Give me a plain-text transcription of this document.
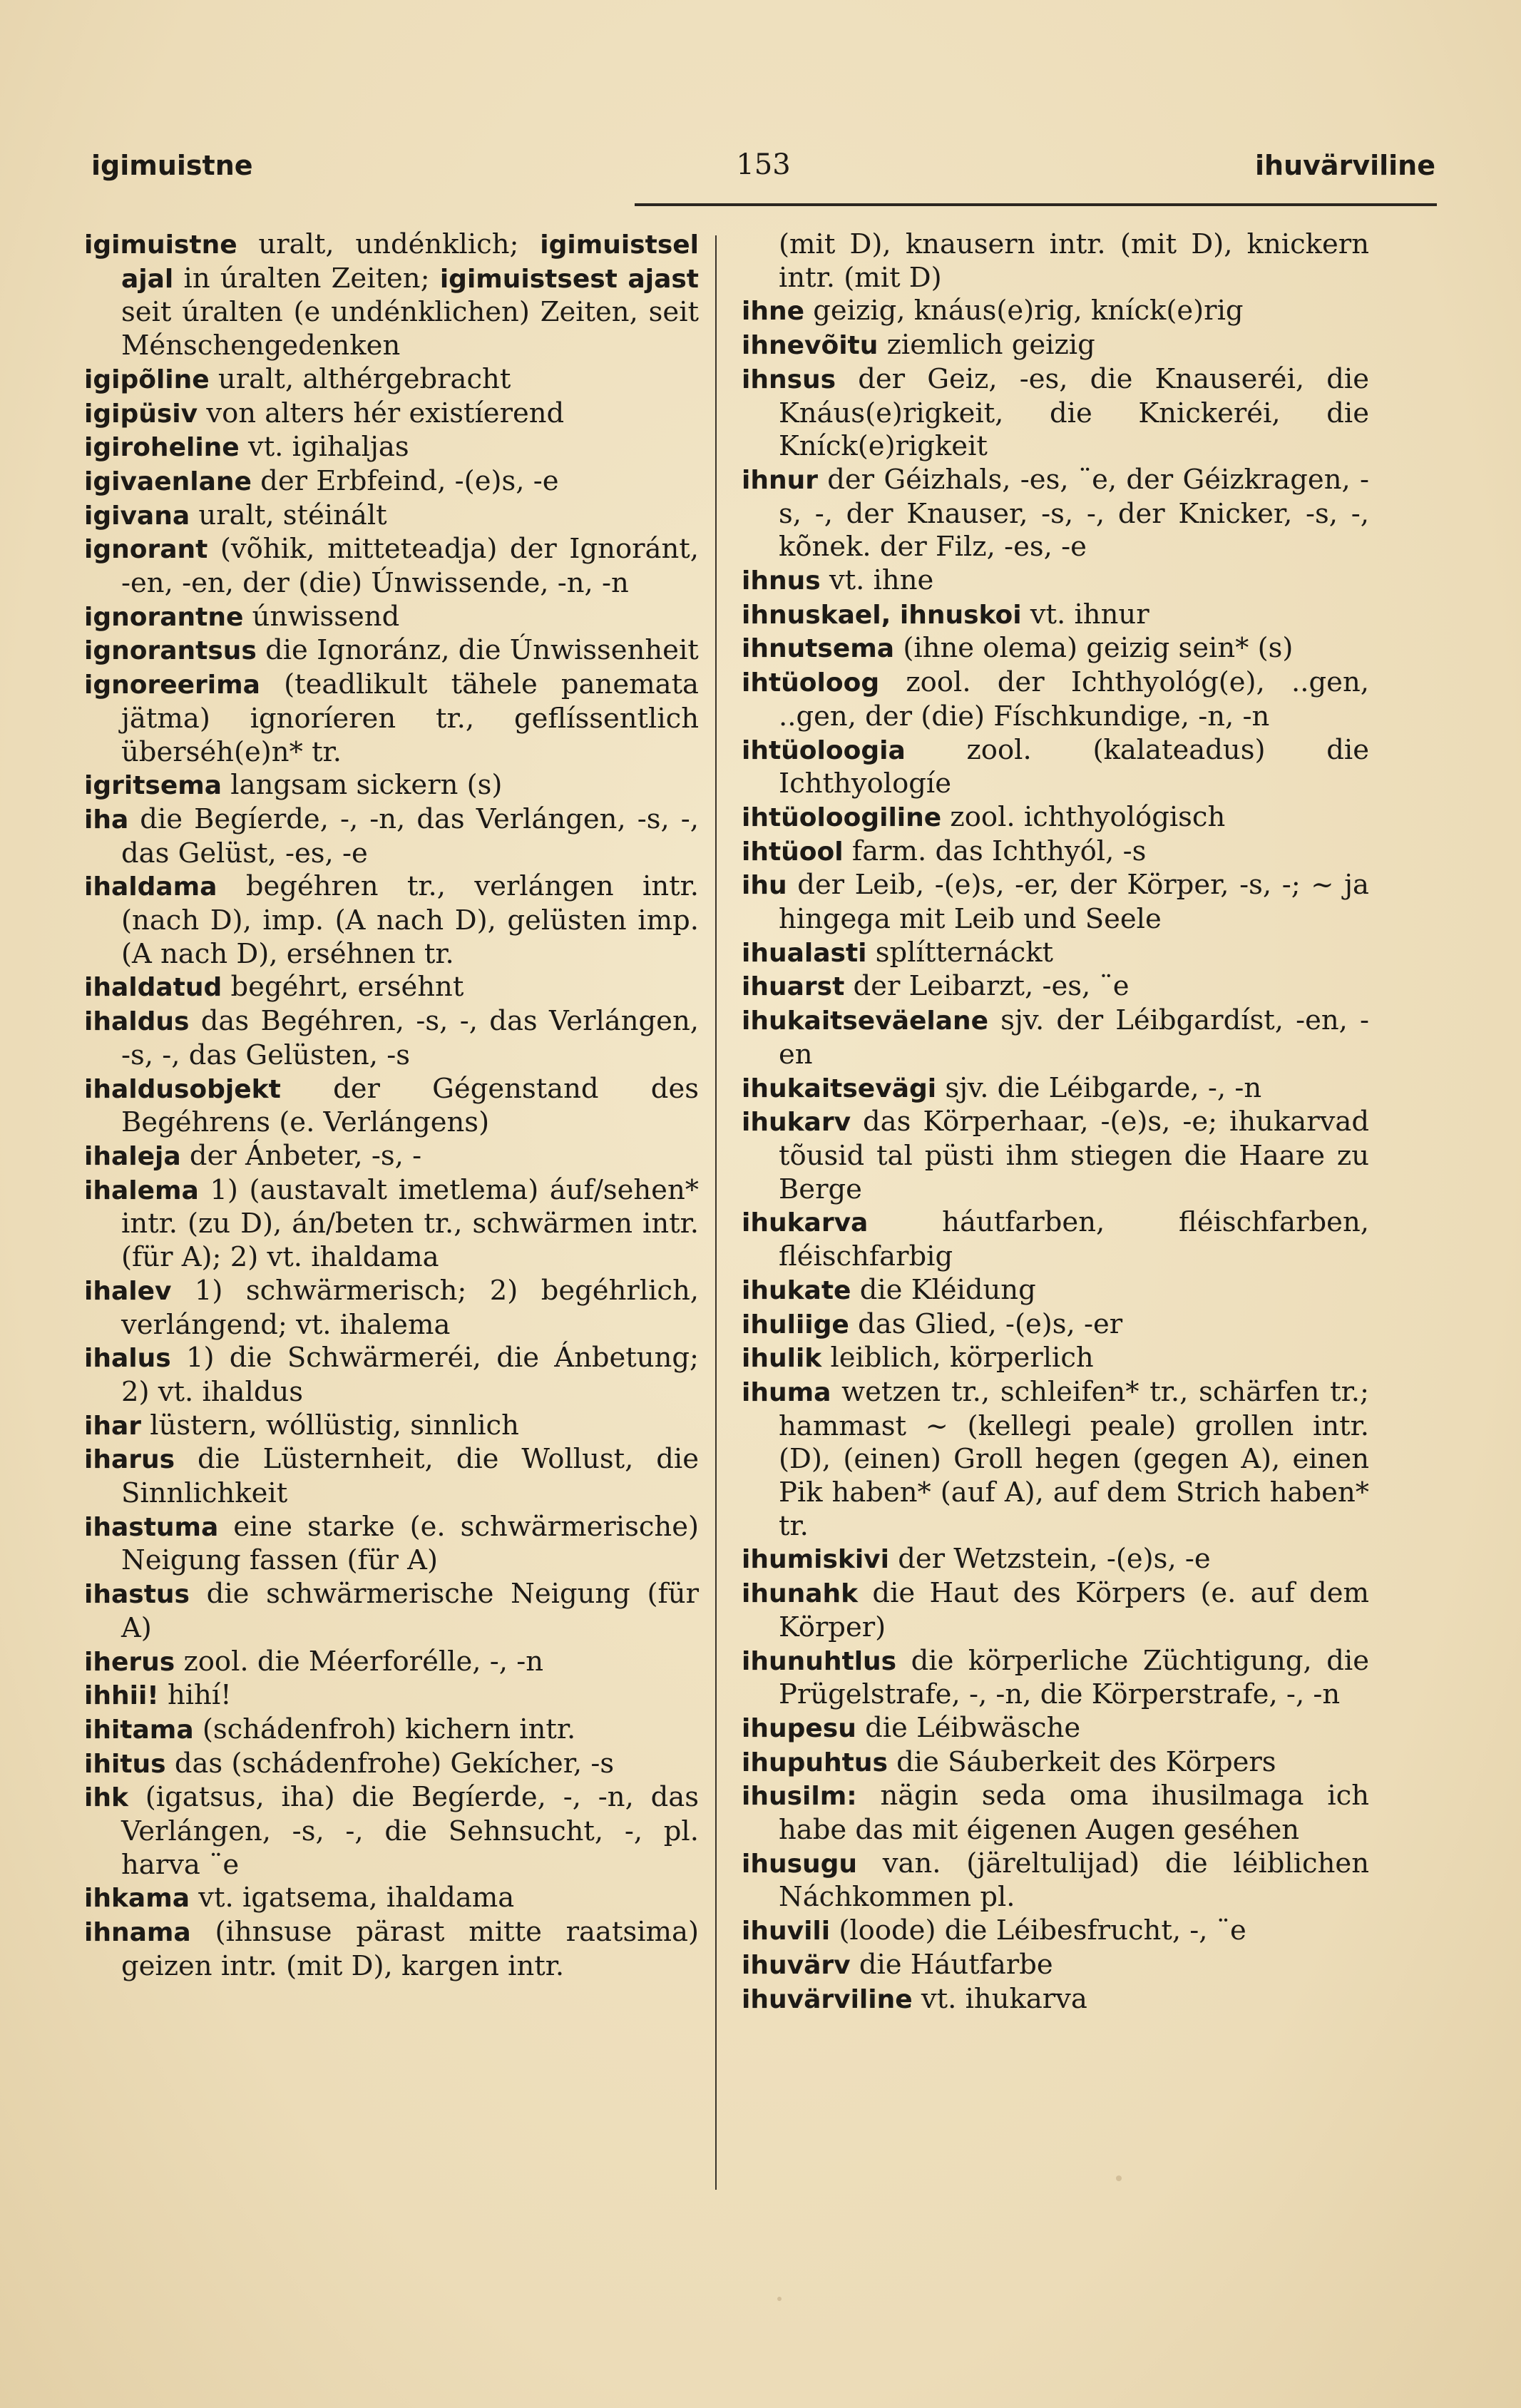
igimuistne	153	ihuvärviline

igimuistne uralt, undénklich; igimuistsel ajal in úralten Zeiten; igimuistsest ajast seit úralten (e undénklichen) Zeiten, seit Ménschengedenken

igipõline uralt, althérgebracht

igipüsiv von alters hér existíerend

igiroheline vt. igihaljas

igivaenlane der Erbfeind, -(e)s, -e

igivana uralt, stéinált

ignorant (võhik, mitteteadja) der Ignoránt, -en, -en, der (die) Únwissende, -n, -n

ignorantne únwissend

ignorantsus die Ignoránz, die Únwissenheit

ignoreerima (teadlikult tähele panemata jätma) ignoríeren tr., geflíssentlich überséh(e)n* tr.

igritsema langsam sickern (s)

iha die Begíerde, -, -n, das Verlángen, -s, -, das Gelüst, -es, -e

ihaldama begéhren tr., verlángen intr. (nach D), imp. (A nach D), gelüsten imp. (A nach D), erséhnen tr.

ihaldatud begéhrt, erséhnt

ihaldus das Begéhren, -s, -, das Verlángen, -s, -, das Gelüsten, -s

ihaldusobjekt der Gégenstand des Begéhrens (e. Verlángens)

ihaleja der Ánbeter, -s, -

ihalema 1) (austavalt imetlema) áuf/sehen* intr. (zu D), án/beten tr., schwärmen intr. (für A); 2) vt. ihaldama

ihalev 1) schwärmerisch; 2) begéhrlich, verlángend; vt. ihalema

ihalus 1) die Schwärmeréi, die Ánbetung; 2) vt. ihaldus

ihar lüstern, wóllüstig, sinnlich

iharus die Lüsternheit, die Wollust, die Sinnlichkeit

ihastuma eine starke (e. schwärmerische) Neigung fassen (für A)

ihastus die schwärmerische Neigung (für A)

iherus zool. die Méerforélle, -, -n

ihhii! hihí!

ihitama (schádenfroh) kichern intr.

ihitus das (schádenfrohe) Gekícher, -s

ihk (igatsus, iha) die Begíerde, -, -n, das Verlángen, -s, -, die Sehnsucht, -, pl. harva ¨e

ihkama vt. igatsema, ihaldama

ihnama (ihnsuse pärast mitte raatsima) geizen intr. (mit D), kargen intr.

(mit D), knausern intr. (mit D), knickern intr. (mit D)

ihne geizig, knáus(e)rig, kníck(e)rig

ihnevõitu ziemlich geizig

ihnsus der Geiz, -es, die Knauseréi, die Knáus(e)rigkeit, die Knickeréi, die Kníck(e)rigkeit

ihnur der Géizhals, -es, ¨e, der Géizkragen, -s, -, der Knauser, -s, -, der Knicker, -s, -, kõnek. der Filz, -es, -e

ihnus vt. ihne

ihnuskael, ihnuskoi vt. ihnur

ihnutsema (ihne olema) geizig sein* (s)

ihtüoloog zool. der Ichthyológ(e), ..gen, ..gen, der (die) Físchkundige, -n, -n

ihtüoloogia zool. (kalateadus) die Ichthyologíe

ihtüoloogiline zool. ichthyológisch

ihtüool farm. das Ichthyól, -s

ihu der Leib, -(e)s, -er, der Körper, -s, -; ~ ja hingega mit Leib und Seele

ihualasti splítternáckt

ihuarst der Leibarzt, -es, ¨e

ihukaitseväelane sjv. der Léibgardíst, -en, -en

ihukaitsevägi sjv. die Léibgarde, -, -n

ihukarv das Körperhaar, -(e)s, -e; ihukarvad tõusid tal püsti ihm stiegen die Haare zu Berge

ihukarva háutfarben, fléischfarben, fléischfarbig

ihukate die Kléidung

ihuliige das Glied, -(e)s, -er

ihulik leiblich, körperlich

ihuma wetzen tr., schleifen* tr., schärfen tr.; hammast ~ (kellegi peale) grollen intr. (D), (einen) Groll hegen (gegen A), einen Pik haben* (auf A), auf dem Strich haben* tr.

ihumiskivi der Wetzstein, -(e)s, -e

ihunahk die Haut des Körpers (e. auf dem Körper)

ihunuhtlus die körperliche Züchtigung, die Prügelstrafe, -, -n, die Körperstrafe, -, -n

ihupesu die Léibwäsche

ihupuhtus die Sáuberkeit des Körpers

ihusilm: nägin seda oma ihusilmaga ich habe das mit éigenen Augen geséhen

ihusugu van. (järeltulijad) die léiblichen Náchkommen pl.

ihuvili (loode) die Léibesfrucht, -, ¨e

ihuvärv die Háutfarbe

ihuvärviline vt. ihukarva
